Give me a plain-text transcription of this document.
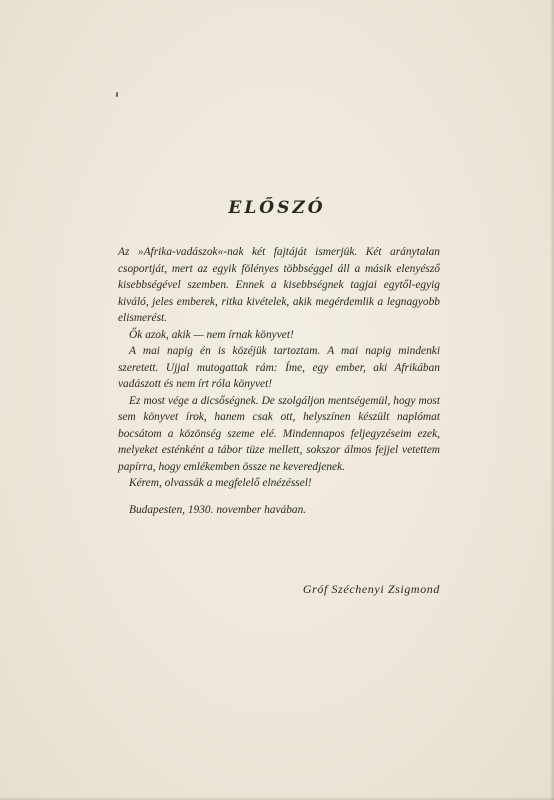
ELŐSZÓ

Az »Afrika-vadászok«-nak két fajtáját ismerjük. Két aránytalan csoportját, mert az egyik fölényes többséggel áll a másik elenyésző kisebbségével szemben. Ennek a kisebbségnek tagjai egytől-egyig kiváló, jeles emberek, ritka kivételek, akik megérdemlik a legnagyobb elismerést.

Ők azok, akik — nem írnak könyvet!

A mai napig én is közéjük tartoztam. A mai napig mindenki szeretett. Ujjal mutogattak rám: Íme, egy ember, aki Afrikában vadászott és nem írt róla könyvet!

Ez most vége a dicsőségnek. De szolgáljon mentségemül, hogy most sem könyvet írok, hanem csak ott, helyszínen készült naplómat bocsátom a közönség szeme elé. Mindennapos feljegyzéseim ezek, melyeket esténként a tábor tüze mellett, sokszor álmos fejjel vetettem papírra, hogy emlékemben össze ne keveredjenek.

Kérem, olvassák a megfelelő elnézéssel!

Budapesten, 1930. november havában.

Gróf Széchenyi Zsigmond
